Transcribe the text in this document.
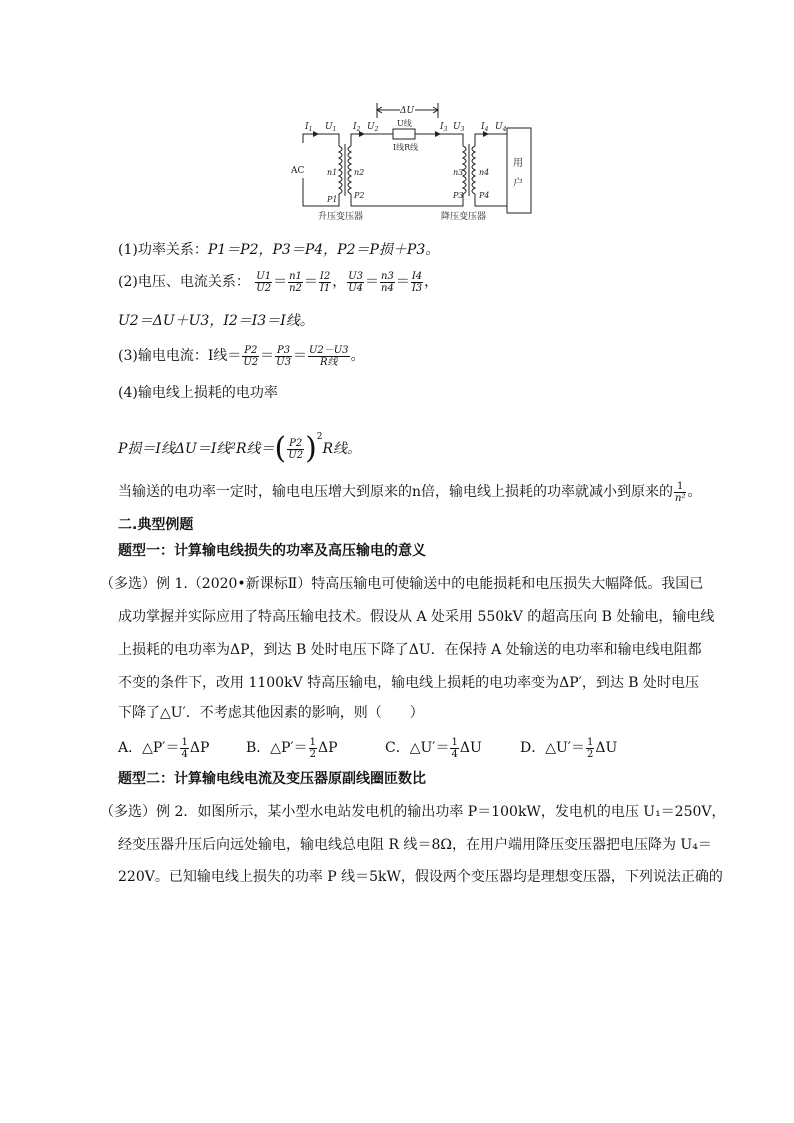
ΔU
$I_1$ $U_1$ $I_2$ $U_2$	$I_3$ $U_3$ $I_4$ $U_4$
U线
I线R线
AC	n1 n2	n3 n4
P1 P2	P3 P4
用
户
升压变压器	降压变压器
(1)功率关系：P1＝P2，P3＝P4，P2＝P损＋P3。
(2)电压、电流关系： $\frac{U1}{U2} = \frac{n1}{n2} = \frac{I2}{I1}$ ， $\frac{U3}{U4} = \frac{n3}{n4} = \frac{I4}{I3}$ ，
U2＝ΔU＋U3，I2＝I3＝I线。
(3)输电电流：I线＝ $\frac{P2}{U2} = \frac{P3}{U3} = \frac{U2-U3}{\text{R线}}$ 。
(4)输电线上损耗的电功率
P损＝I线ΔU＝I线²R线＝( $\frac{P2}{U2} )^2R$线。
当输送的电功率一定时，输电电压增大到原来的n倍，输电线上损耗的功率就减小到原来的 $\frac{1}{\text{n²}}$ 。
二.典型例题
题型一：计算输电线损失的功率及高压输电的意义
（多选）例 1.（2020•新课标Ⅱ）特高压输电可使输送中的电能损耗和电压损失大幅降低。我国已
成功掌握并实际应用了特高压输电技术。假设从 A 处采用 550kV 的超高压向 B 处输电，输电线
上损耗的电功率为ΔP，到达 B 处时电压下降了ΔU．在保持 A 处输送的电功率和输电线电阻都
不变的条件下，改用 1100kV 特高压输电，输电线上损耗的电功率变为ΔP′，到达 B 处时电压
下降了△U′．不考虑其他因素的影响，则（　　）
A．△P′＝ $\frac{1}{4}$ ΔP	B．△P′＝ $\frac{1}{2}$ ΔP	C．△U′＝ $\frac{1}{4}$ ΔU	D．△U′＝ $\frac{1}{2}$ ΔU
题型二：计算输电线电流及变压器原副线圈匝数比
（多选）例 2．如图所示，某小型水电站发电机的输出功率 P＝100kW，发电机的电压 U₁＝250V，
经变压器升压后向远处输电，输电线总电阻 R 线＝8Ω，在用户端用降压变压器把电压降为 U₄＝
220V。已知输电线上损失的功率 P 线＝5kW，假设两个变压器均是理想变压器，下列说法正确的
